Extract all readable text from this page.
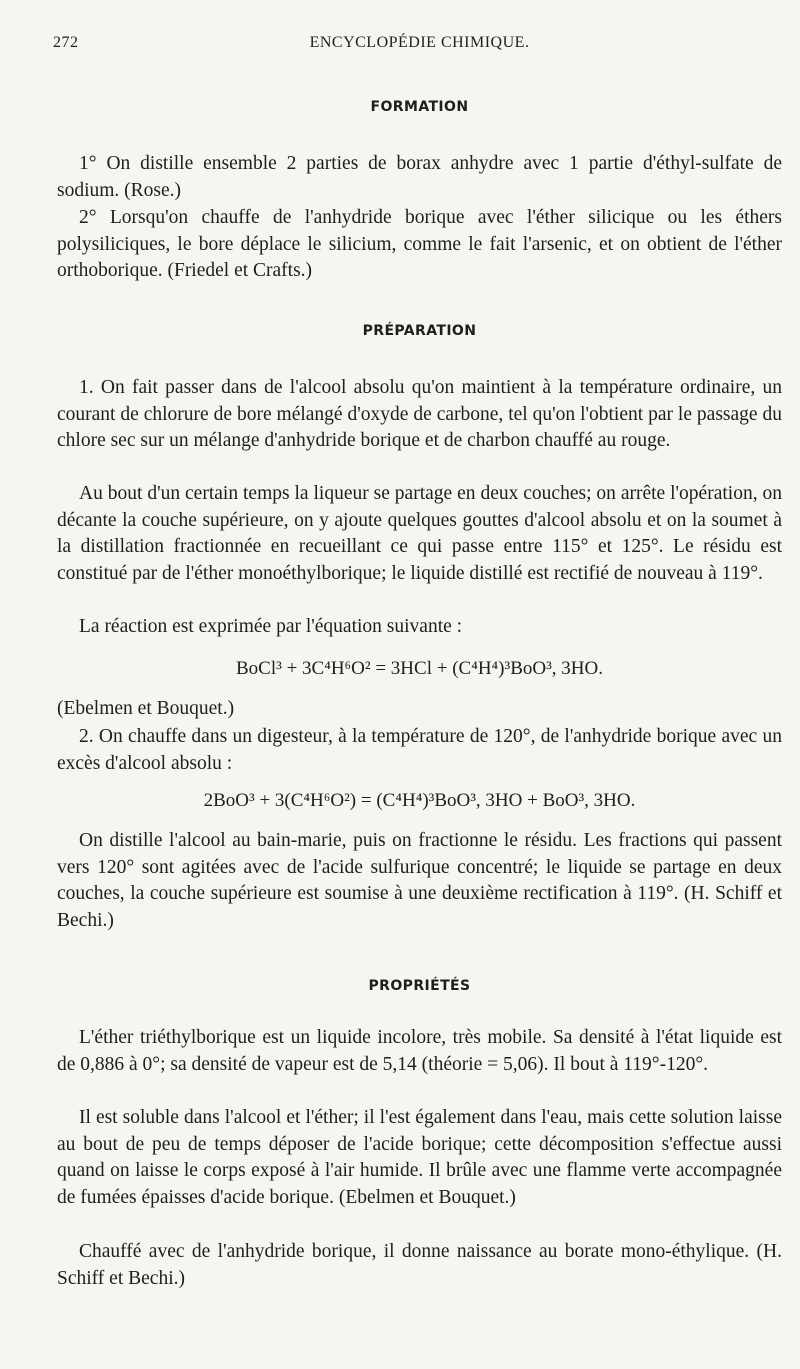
272	ENCYCLOPÉDIE CHIMIQUE.
FORMATION

1° On distille ensemble 2 parties de borax anhydre avec 1 partie d'éthyl-sulfate de sodium. (Rose.)

2° Lorsqu'on chauffe de l'anhydride borique avec l'éther silicique ou les éthers polysiliciques, le bore déplace le silicium, comme le fait l'arsenic, et on obtient de l'éther orthoborique. (Friedel et Crafts.)

PRÉPARATION

1. On fait passer dans de l'alcool absolu qu'on maintient à la température ordinaire, un courant de chlorure de bore mélangé d'oxyde de carbone, tel qu'on l'obtient par le passage du chlore sec sur un mélange d'anhydride borique et de charbon chauffé au rouge.

Au bout d'un certain temps la liqueur se partage en deux couches; on arrête l'opération, on décante la couche supérieure, on y ajoute quelques gouttes d'alcool absolu et on la soumet à la distillation fractionnée en recueillant ce qui passe entre 115° et 125°. Le résidu est constitué par de l'éther monoéthylborique; le liquide distillé est rectifié de nouveau à 119°.

La réaction est exprimée par l'équation suivante :

BoCl³ + 3C⁴H⁶O² = 3HCl + (C⁴H⁴)³BoO³, 3HO.

(Ebelmen et Bouquet.)

2. On chauffe dans un digesteur, à la température de 120°, de l'anhydride borique avec un excès d'alcool absolu :

2BoO³ + 3(C⁴H⁶O²) = (C⁴H⁴)³BoO³, 3HO + BoO³, 3HO.

On distille l'alcool au bain-marie, puis on fractionne le résidu. Les fractions qui passent vers 120° sont agitées avec de l'acide sulfurique concentré; le liquide se partage en deux couches, la couche supérieure est soumise à une deuxième rectification à 119°. (H. Schiff et Bechi.)

PROPRIÉTÉS

L'éther triéthylborique est un liquide incolore, très mobile. Sa densité à l'état liquide est de 0,886 à 0°; sa densité de vapeur est de 5,14 (théorie = 5,06). Il bout à 119°-120°.

Il est soluble dans l'alcool et l'éther; il l'est également dans l'eau, mais cette solution laisse au bout de peu de temps déposer de l'acide borique; cette décomposition s'effectue aussi quand on laisse le corps exposé à l'air humide. Il brûle avec une flamme verte accompagnée de fumées épaisses d'acide borique. (Ebelmen et Bouquet.)

Chauffé avec de l'anhydride borique, il donne naissance au borate mono-éthylique. (H. Schiff et Bechi.)
